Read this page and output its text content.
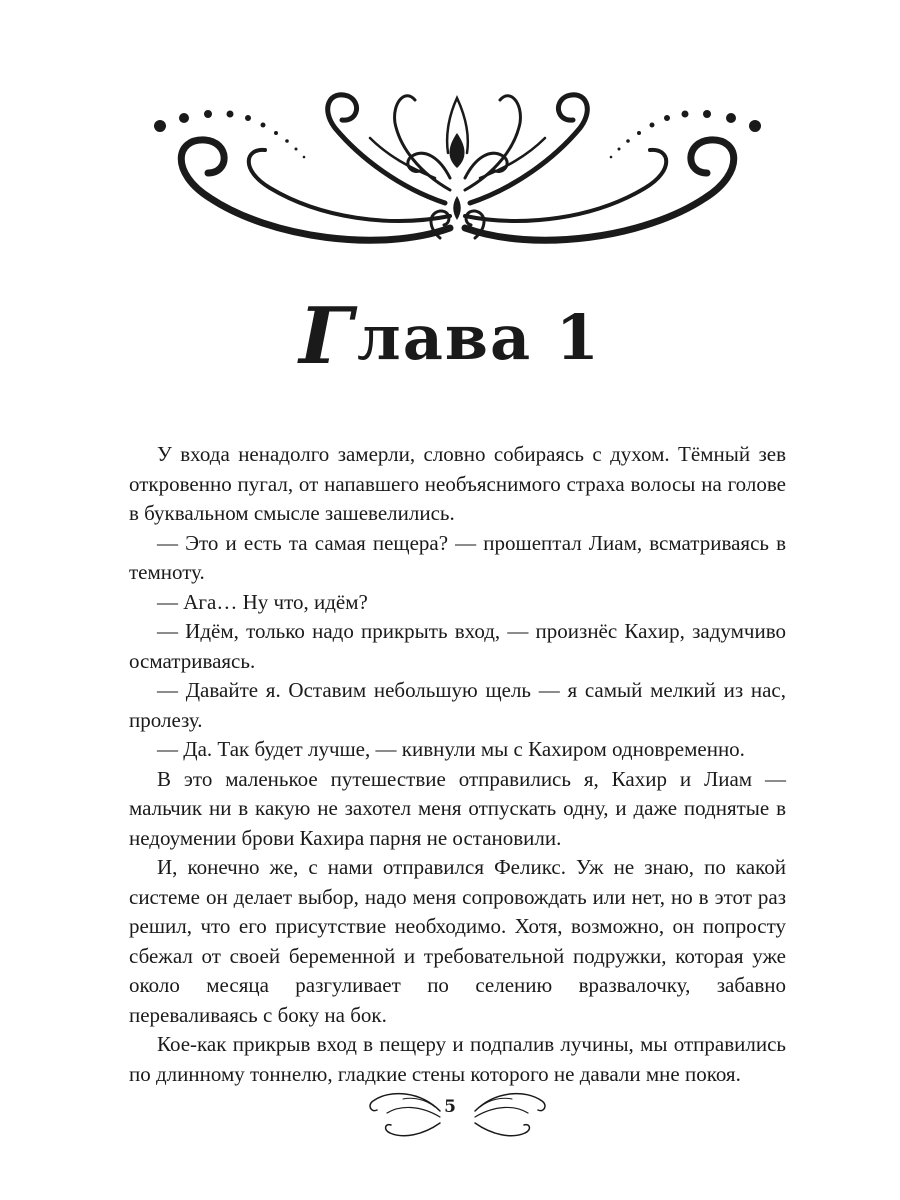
Глава 1

У входа ненадолго замерли, словно собираясь с духом. Тёмный зев откровенно пугал, от напавшего необъяснимого страха волосы на голове в буквальном смысле зашевелились.

— Это и есть та самая пещера? — прошептал Лиам, всматриваясь в темноту.

— Ага… Ну что, идём?

— Идём, только надо прикрыть вход, — произнёс Кахир, задумчиво осматриваясь.

— Давайте я. Оставим небольшую щель — я самый мелкий из нас, пролезу.

— Да. Так будет лучше, — кивнули мы с Кахиром одновременно.

В это маленькое путешествие отправились я, Кахир и Лиам — мальчик ни в какую не захотел меня отпускать одну, и даже поднятые в недоумении брови Кахира парня не остановили.

И, конечно же, с нами отправился Феликс. Уж не знаю, по какой системе он делает выбор, надо меня сопровождать или нет, но в этот раз решил, что его присутствие необходимо. Хотя, возможно, он попросту сбежал от своей беременной и требовательной подружки, которая уже около месяца разгуливает по селению вразвалочку, забавно переваливаясь с боку на бок.

Кое-как прикрыв вход в пещеру и подпалив лучины, мы отправились по длинному тоннелю, гладкие стены которого не давали мне покоя.

5
